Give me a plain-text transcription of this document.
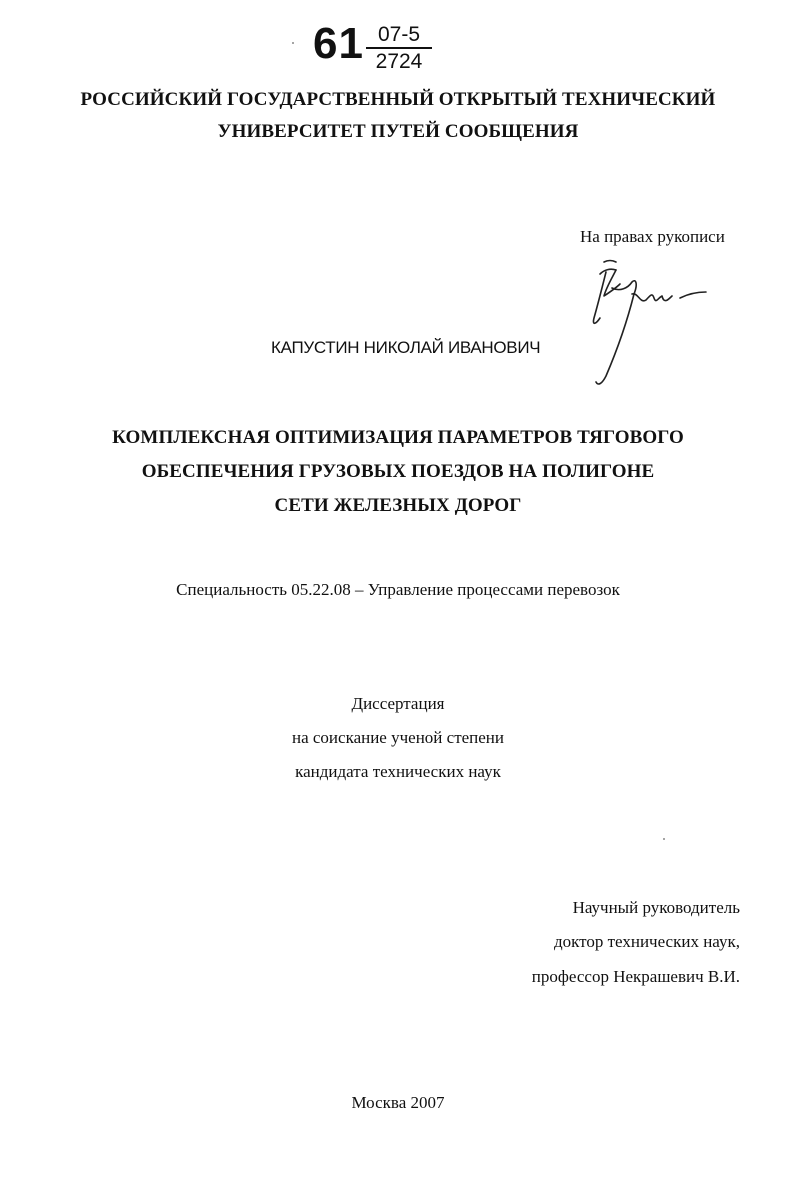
61 07-5
2724
РОССИЙСКИЙ ГОСУДАРСТВЕННЫЙ ОТКРЫТЫЙ ТЕХНИЧЕСКИЙ
УНИВЕРСИТЕТ ПУТЕЙ СООБЩЕНИЯ
На правах рукописи
КАПУСТИН НИКОЛАЙ ИВАНОВИЧ
КОМПЛЕКСНАЯ ОПТИМИЗАЦИЯ ПАРАМЕТРОВ ТЯГОВОГО
ОБЕСПЕЧЕНИЯ ГРУЗОВЫХ ПОЕЗДОВ НА ПОЛИГОНЕ
СЕТИ ЖЕЛЕЗНЫХ ДОРОГ
Специальность 05.22.08 – Управление процессами перевозок
Диссертация
на соискание ученой степени
кандидата технических наук
Научный руководитель
доктор технических наук,
профессор Некрашевич В.И.
Москва 2007
